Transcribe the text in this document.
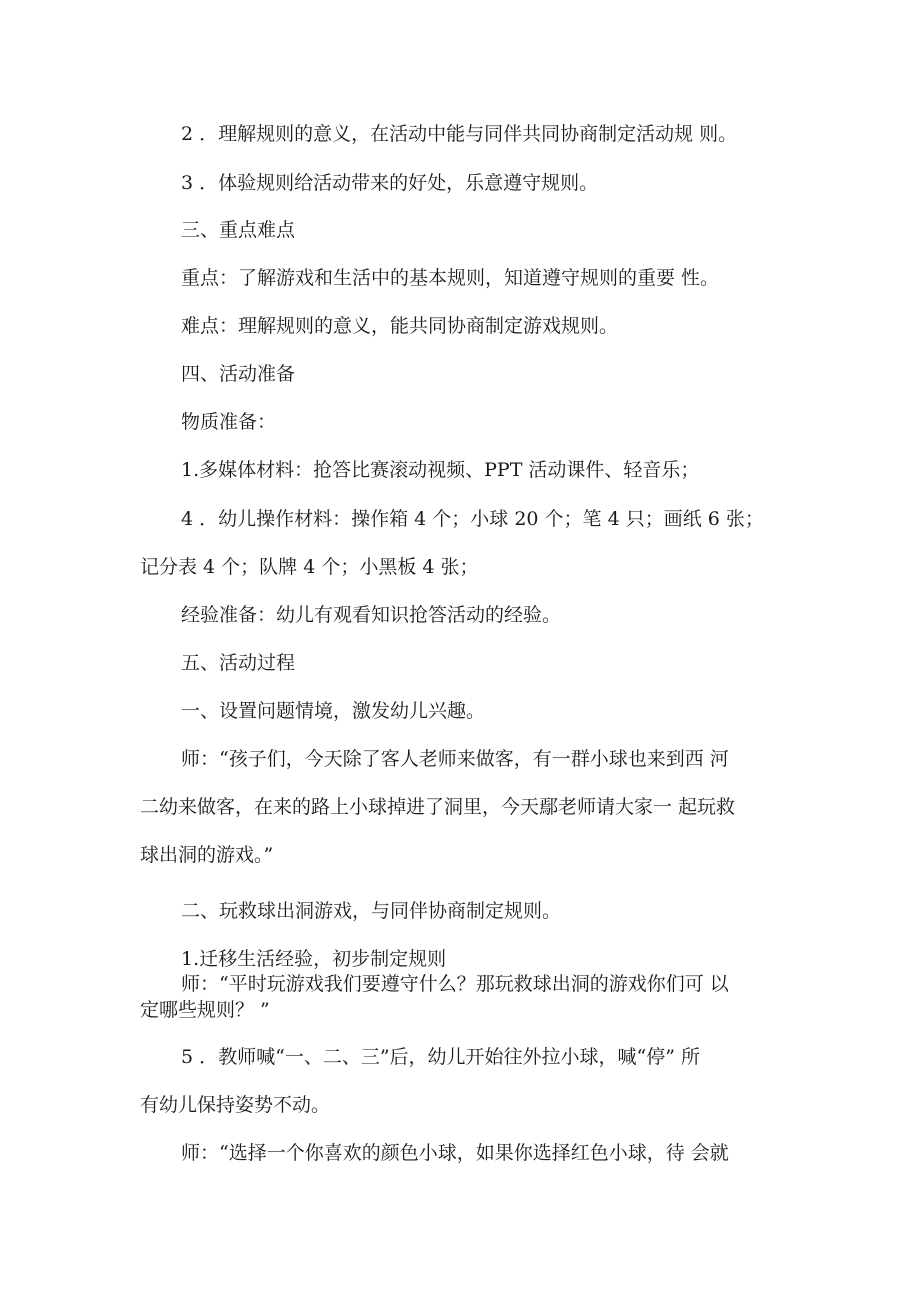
2 ．理解规则的意义，在活动中能与同伴共同协商制定活动规 则。
3 ．体验规则给活动带来的好处，乐意遵守规则。
三、重点难点
重点：了解游戏和生活中的基本规则，知道遵守规则的重要 性。
难点：理解规则的意义，能共同协商制定游戏规则。
四、活动准备
物质准备：
1.多媒体材料：抢答比赛滚动视频、PPT 活动课件、轻音乐；
4 ．幼儿操作材料：操作箱 4 个；小球 20 个；笔 4 只；画纸 6 张；
记分表 4 个；队牌 4 个；小黑板 4 张；
经验准备：幼儿有观看知识抢答活动的经验。
五、活动过程
一、设置问题情境，激发幼儿兴趣。
师：“孩子们，今天除了客人老师来做客，有一群小球也来到西 河
二幼来做客，在来的路上小球掉进了洞里，今天鄢老师请大家一 起玩救
球出洞的游戏。”
二、玩救球出洞游戏，与同伴协商制定规则。
1.迁移生活经验，初步制定规则
师：“平时玩游戏我们要遵守什么？那玩救球出洞的游戏你们可 以
定哪些规则？ ”
5 ．教师喊“一、二、三”后，幼儿开始往外拉小球，喊“停” 所
有幼儿保持姿势不动。
师：“选择一个你喜欢的颜色小球，如果你选择红色小球，待 会就
